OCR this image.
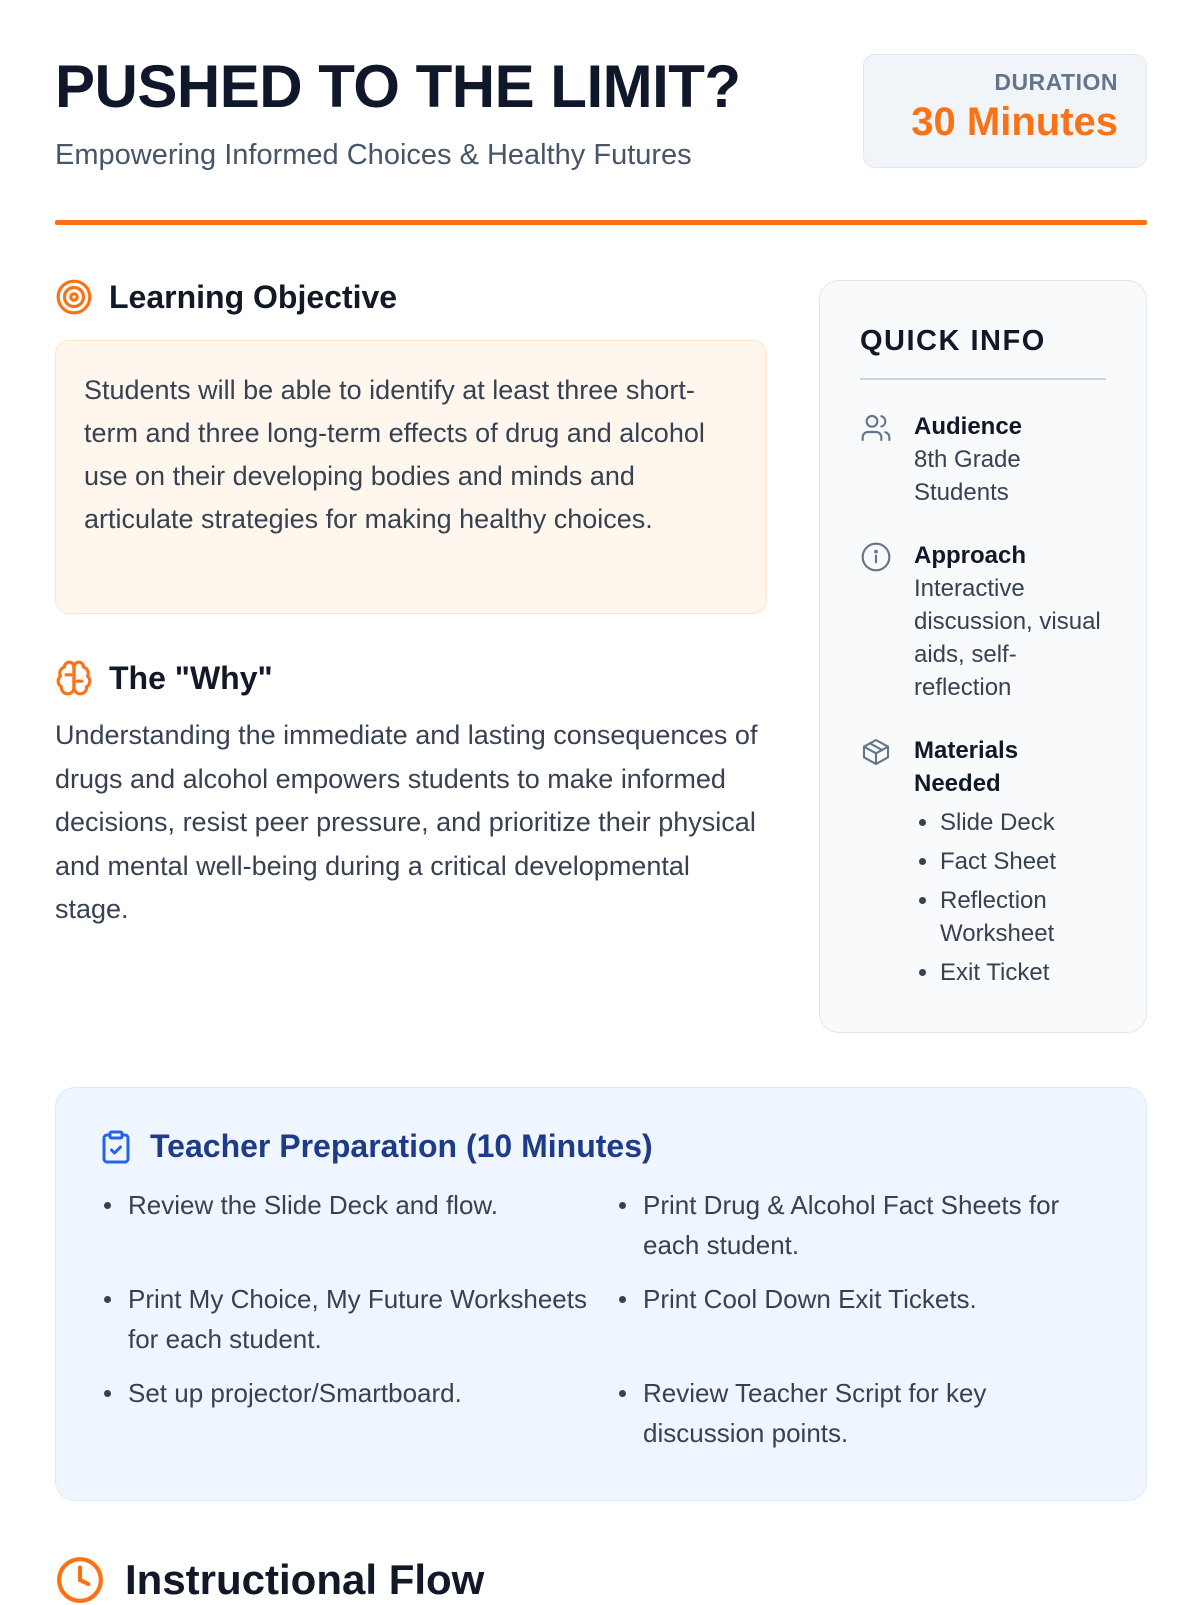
PUSHED TO THE LIMIT?

Empowering Informed Choices & Healthy Futures

DURATION
30 Minutes
Learning Objective
Students will be able to identify at least three short-term and three long-term effects of drug and alcohol use on their developing bodies and minds and articulate strategies for making healthy choices.
The "Why"

Understanding the immediate and lasting consequences of drugs and alcohol empowers students to make informed decisions, resist peer pressure, and prioritize their physical and mental well-being during a critical developmental stage.

QUICK INFO
Audience
8th Grade Students
Approach
Interactive discussion, visual aids, self-reflection
Materials Needed
• Slide Deck
• Fact Sheet
• Reflection Worksheet
• Exit Ticket
Teacher Preparation (10 Minutes)
Review the Slide Deck and flow.	Print Drug & Alcohol Fact Sheets for each student.
Print My Choice, My Future Worksheets for each student.
Print Cool Down Exit Tickets.
Set up projector/Smartboard.	Review Teacher Script for key discussion points.
Instructional Flow
